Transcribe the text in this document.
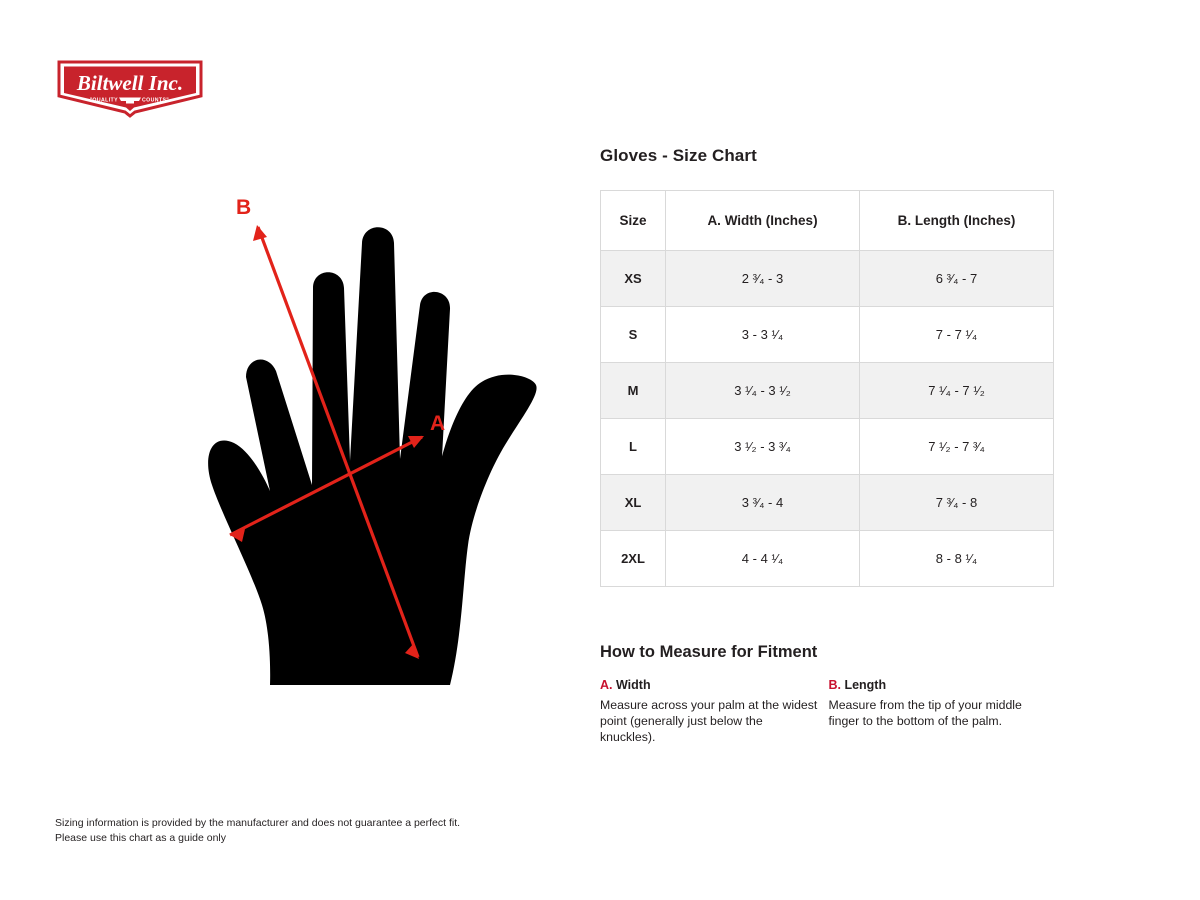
Biltwell Inc.
"QUALITY	COUNTS"
B
A
Gloves - Size Chart
Size	A. Width (Inches)	B. Length (Inches)
XS	2 ³⁄₄ - 3	6 ³⁄₄ - 7
S	3 - 3 ¹⁄₄	7 - 7 ¹⁄₄
M	3 ¹⁄₄ - 3 ¹⁄₂	7 ¹⁄₄ - 7 ¹⁄₂
L	3 ¹⁄₂ - 3 ³⁄₄	7 ¹⁄₂ - 7 ³⁄₄
XL	3 ³⁄₄ - 4	7 ³⁄₄ - 8
2XL	4 - 4 ¹⁄₄	8 - 8 ¹⁄₄
How to Measure for Fitment
A. Width
Measure across your palm at the widest point (generally just below the knuckles).
B. Length
Measure from the tip of your middle finger to the bottom of the palm.
Sizing information is provided by the manufacturer and does not guarantee a perfect fit.
Please use this chart as a guide only
